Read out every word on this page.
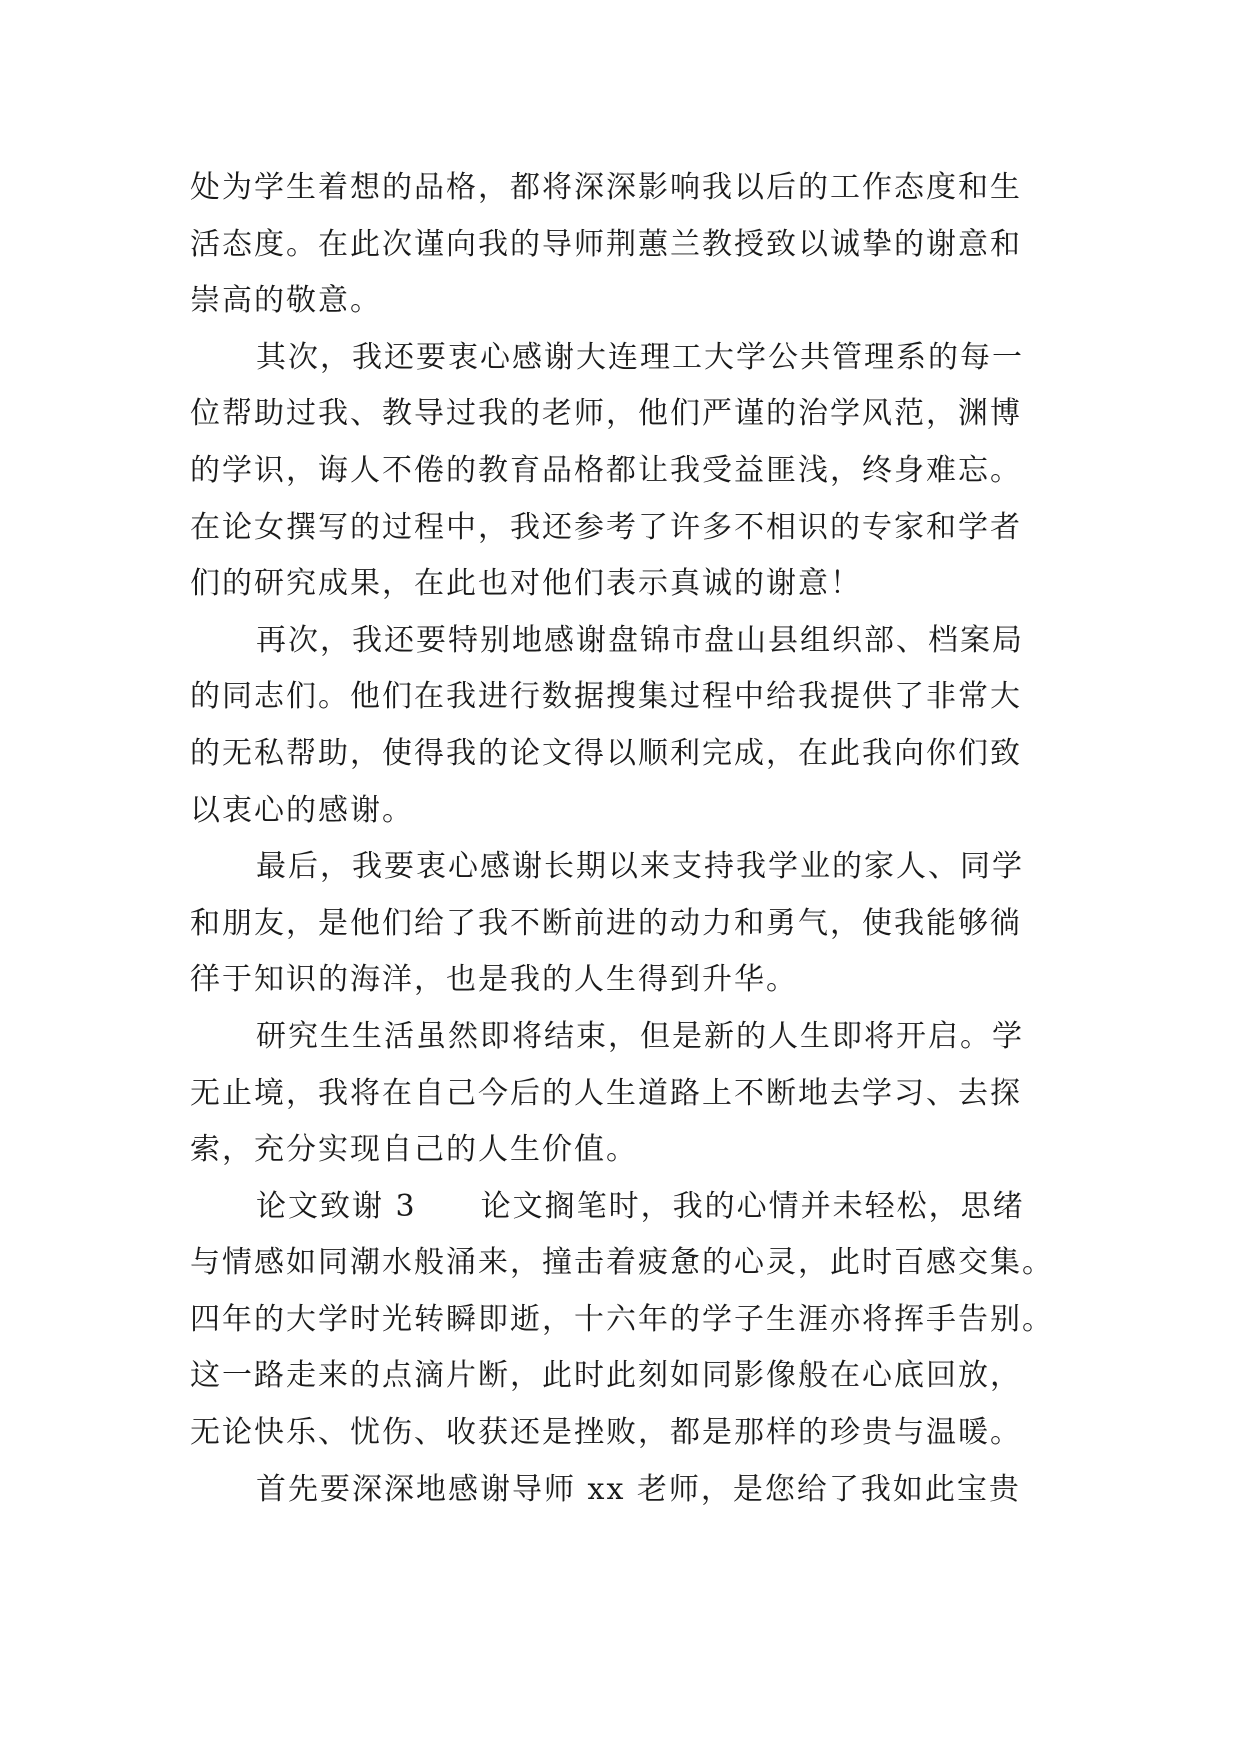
处为学生着想的品格，都将深深影响我以后的工作态度和生
活态度。在此次谨向我的导师荆蕙兰教授致以诚挚的谢意和
崇高的敬意。
其次，我还要衷心感谢大连理工大学公共管理系的每一
位帮助过我、教导过我的老师，他们严谨的治学风范，渊博
的学识，诲人不倦的教育品格都让我受益匪浅，终身难忘。
在论女撰写的过程中，我还参考了许多不相识的专家和学者
们的研究成果，在此也对他们表示真诚的谢意！
再次，我还要特别地感谢盘锦市盘山县组织部、档案局
的同志们。他们在我进行数据搜集过程中给我提供了非常大
的无私帮助，使得我的论文得以顺利完成，在此我向你们致
以衷心的感谢。
最后，我要衷心感谢长期以来支持我学业的家人、同学
和朋友，是他们给了我不断前进的动力和勇气，使我能够徜
徉于知识的海洋，也是我的人生得到升华。
研究生生活虽然即将结束，但是新的人生即将开启。学
无止境，我将在自己今后的人生道路上不断地去学习、去探
索，充分实现自己的人生价值。
论文致谢 3　　论文搁笔时，我的心情并未轻松，思绪
与情感如同潮水般涌来，撞击着疲惫的心灵，此时百感交集。
四年的大学时光转瞬即逝，十六年的学子生涯亦将挥手告别。
这一路走来的点滴片断，此时此刻如同影像般在心底回放，
无论快乐、忧伤、收获还是挫败，都是那样的珍贵与温暖。
首先要深深地感谢导师 xx 老师，是您给了我如此宝贵
